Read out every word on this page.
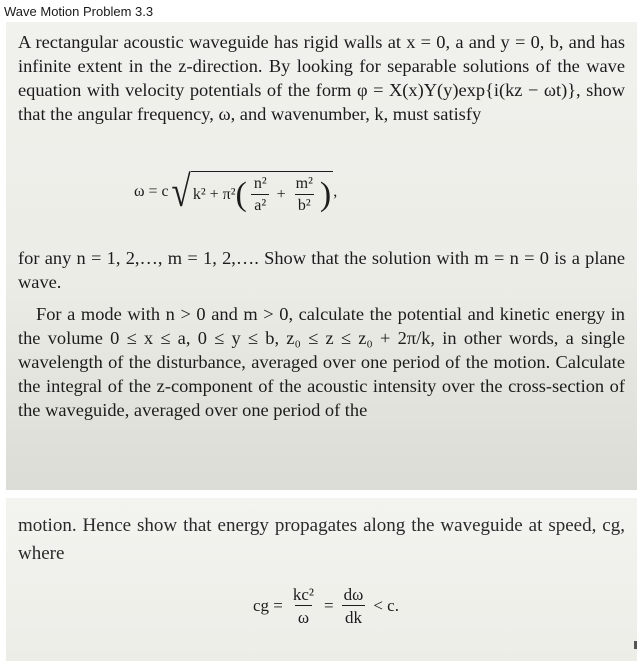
Wave Motion Problem 3.3

A rectangular acoustic waveguide has rigid walls at x = 0, a and y = 0, b, and has infinite extent in the z-direction. By looking for separable solutions of the wave equation with velocity potentials of the form φ = X(x)Y(y)exp{i(kz − ωt)}, show that the angular frequency, ω, and wavenumber, k, must satisfy

ω = c √ k² + π² ( $\frac{\text{n²}}{\text{a²}} + \frac{\text{m²}}{\text{b²}}$ ) ,

for any n = 1, 2,…, m = 1, 2,…. Show that the solution with m = n = 0 is a plane wave.

For a mode with n > 0 and m > 0, calculate the potential and kinetic energy in the volume 0 ≤ x ≤ a, 0 ≤ y ≤ b, z₀ ≤ z ≤ z₀ + 2π/k, in other words, a single wavelength of the disturbance, averaged over one period of the motion. Calculate the integral of the z-component of the acoustic intensity over the cross-section of the waveguide, averaged over one period of the

motion. Hence show that energy propagates along the waveguide at speed, cg, where

cg = $\frac{\text{kc²}}{\omega} = \frac{d\omega}{dk} < c$.
